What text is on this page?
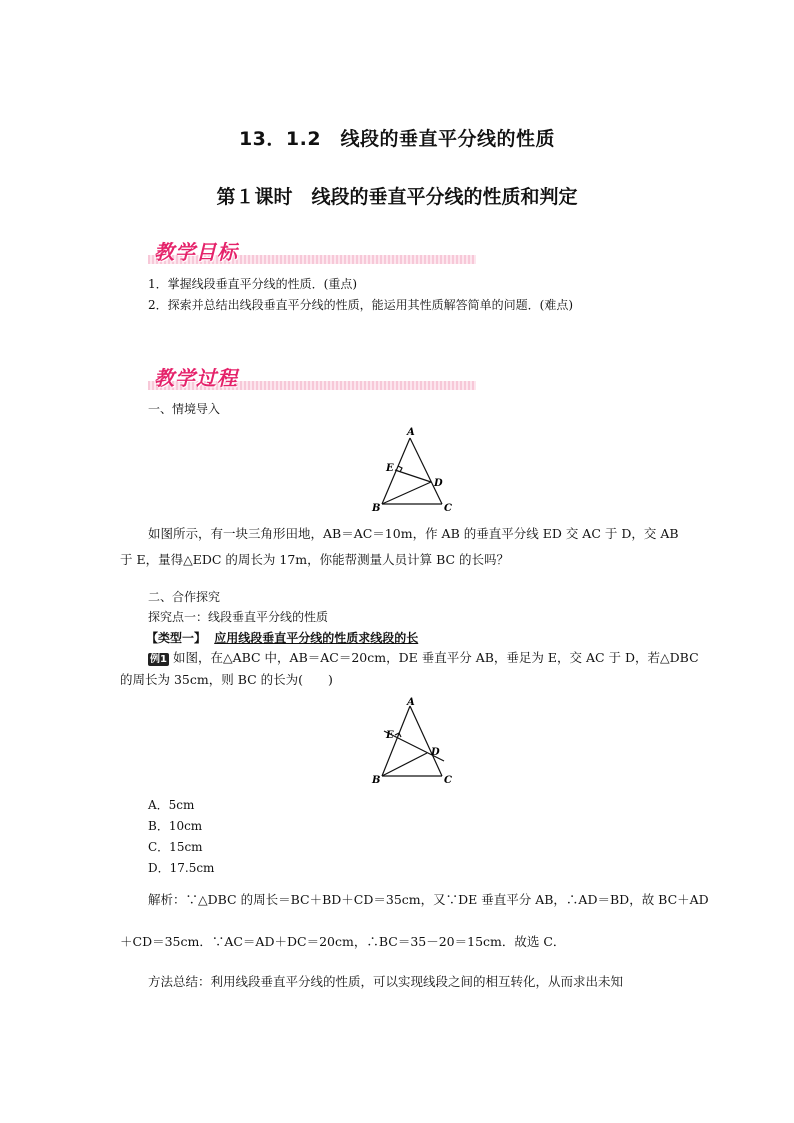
13．1.2　线段的垂直平分线的性质
第１课时　线段的垂直平分线的性质和判定
教学目标
1．掌握线段垂直平分线的性质．(重点)
2．探索并总结出线段垂直平分线的性质，能运用其性质解答简单的问题．(难点)
教学过程
一、情境导入
A
B	C
D
E
如图所示，有一块三角形田地，AB＝AC＝10m，作 AB 的垂直平分线 ED 交 AC 于 D，交 AB
于 E，量得△EDC 的周长为 17m，你能帮测量人员计算 BC 的长吗？
二、合作探究
探究点一：线段垂直平分线的性质
【类型一】 应用线段垂直平分线的性质求线段的长
例1 如图，在△ABC 中，AB＝AC＝20cm，DE 垂直平分 AB，垂足为 E，交 AC 于 D，若△DBC
的周长为 35cm，则 BC 的长为(　　)
A
B	C
D
E
A．5cm
B．10cm
C．15cm
D．17.5cm
解析：∵△DBC 的周长＝BC＋BD＋CD＝35cm，又∵DE 垂直平分 AB，∴AD＝BD，故 BC＋AD
＋CD＝35cm．∵AC＝AD＋DC＝20cm，∴BC＝35－20＝15cm．故选 C．
方法总结：利用线段垂直平分线的性质，可以实现线段之间的相互转化，从而求出未知
